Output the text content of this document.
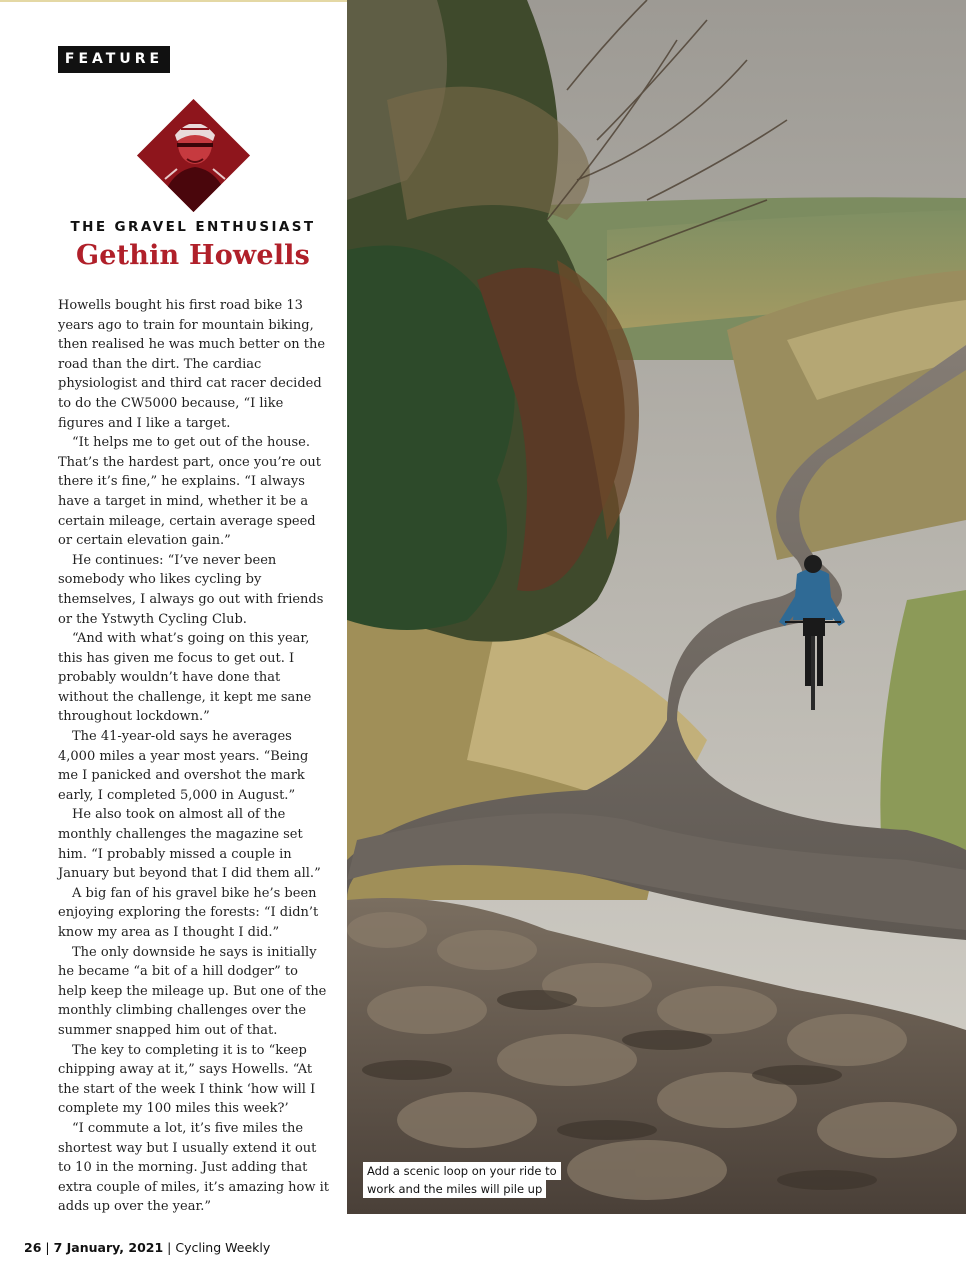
FEATURE
THE GRAVEL ENTHUSIAST
Gethin Howells

Howells bought his first road bike 13 years ago to train for mountain biking, then realised he was much better on the road than the dirt. The cardiac physiologist and third cat racer decided to do the CW5000 because, “I like figures and I like a target.

“It helps me to get out of the house. That’s the hardest part, once you’re out there it’s fine,” he explains. “I always have a target in mind, whether it be a certain mileage, certain average speed or certain elevation gain.”

He continues: “I’ve never been somebody who likes cycling by themselves, I always go out with friends or the Ystwyth Cycling Club.

“And with what’s going on this year, this has given me focus to get out. I probably wouldn’t have done that without the challenge, it kept me sane throughout lockdown.”

The 41-year-old says he averages 4,000 miles a year most years. “Being me I panicked and overshot the mark early, I completed 5,000 in August.”

He also took on almost all of the monthly challenges the magazine set him. “I probably missed a couple in January but beyond that I did them all.”

A big fan of his gravel bike he’s been enjoying exploring the forests: “I didn’t know my area as I thought I did.”

The only downside he says is initially he became “a bit of a hill dodger” to help keep the mileage up. But one of the monthly climbing challenges over the summer snapped him out of that.

The key to completing it is to “keep chipping away at it,” says Howells. “At the start of the week I think ‘how will I complete my 100 miles this week?’

“I commute a lot, it’s five miles the shortest way but I usually extend it out to 10 in the morning. Just adding that extra couple of miles, it’s amazing how it adds up over the year.”

Add a scenic loop on your ride to
work and the miles will pile up
26 | 7 January, 2021 | Cycling Weekly
